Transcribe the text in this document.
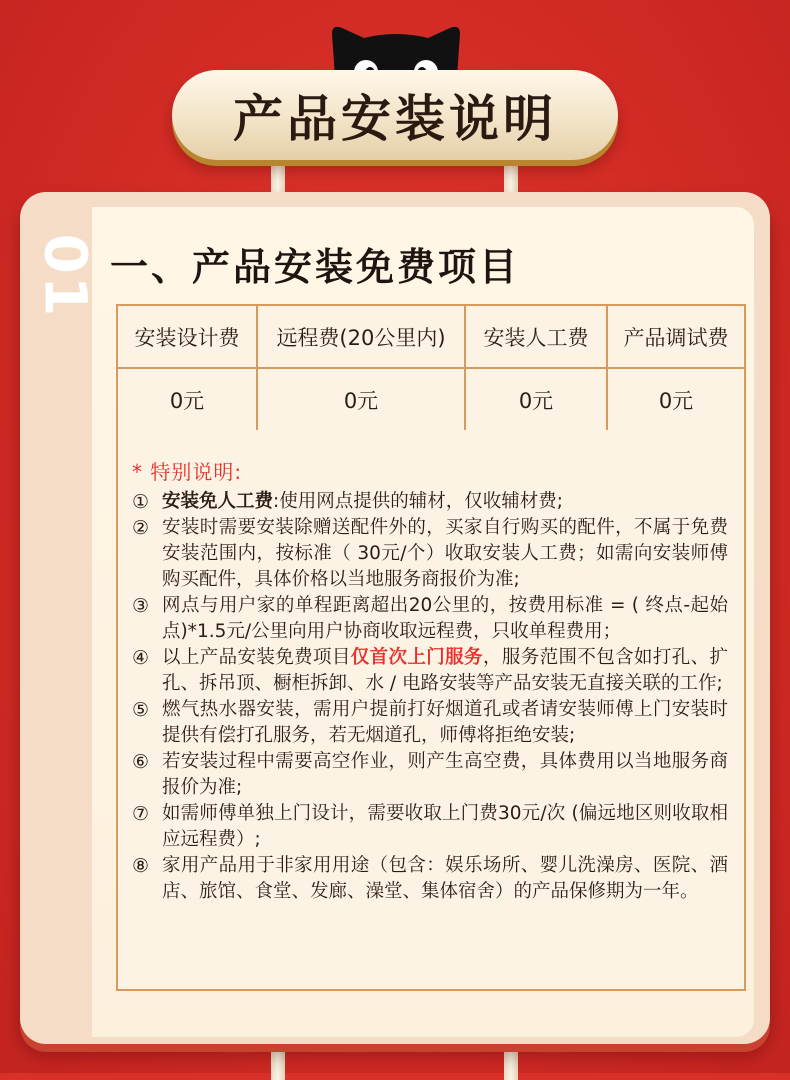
产品安装说明
01 一、产品安装免费项目
安装设计费	远程费(20公里内)	安装人工费	产品调试费
0元	0元	0元	0元
* 特别说明:
① 安装免人工费:使用网点提供的辅材，仅收辅材费;
② 安装时需要安装除赠送配件外的，买家自行购买的配件，不属于免费安装范围内，按标准（ 30元/个）收取安装人工费；如需向安装师傅购买配件，具体价格以当地服务商报价为准;
③ 网点与用户家的单程距离超出20公里的，按费用标准 = ( 终点-起始点)*1.5元/公里向用户协商收取远程费，只收单程费用；
④ 以上产品安装免费项目仅首次上门服务，服务范围不包含如打孔、扩孔、拆吊顶、橱柜拆卸、水 / 电路安装等产品安装无直接关联的工作;
⑤ 燃气热水器安装，需用户提前打好烟道孔或者请安装师傅上门安装时提供有偿打孔服务，若无烟道孔，师傅将拒绝安装;
⑥ 若安装过程中需要高空作业，则产生高空费，具体费用以当地服务商报价为准;
⑦ 如需师傅单独上门设计，需要收取上门费30元/次 (偏远地区则收取相应远程费）;
⑧ 家用产品用于非家用用途（包含：娱乐场所、婴儿洗澡房、医院、酒店、旅馆、食堂、发廊、澡堂、集体宿舍）的产品保修期为一年。
